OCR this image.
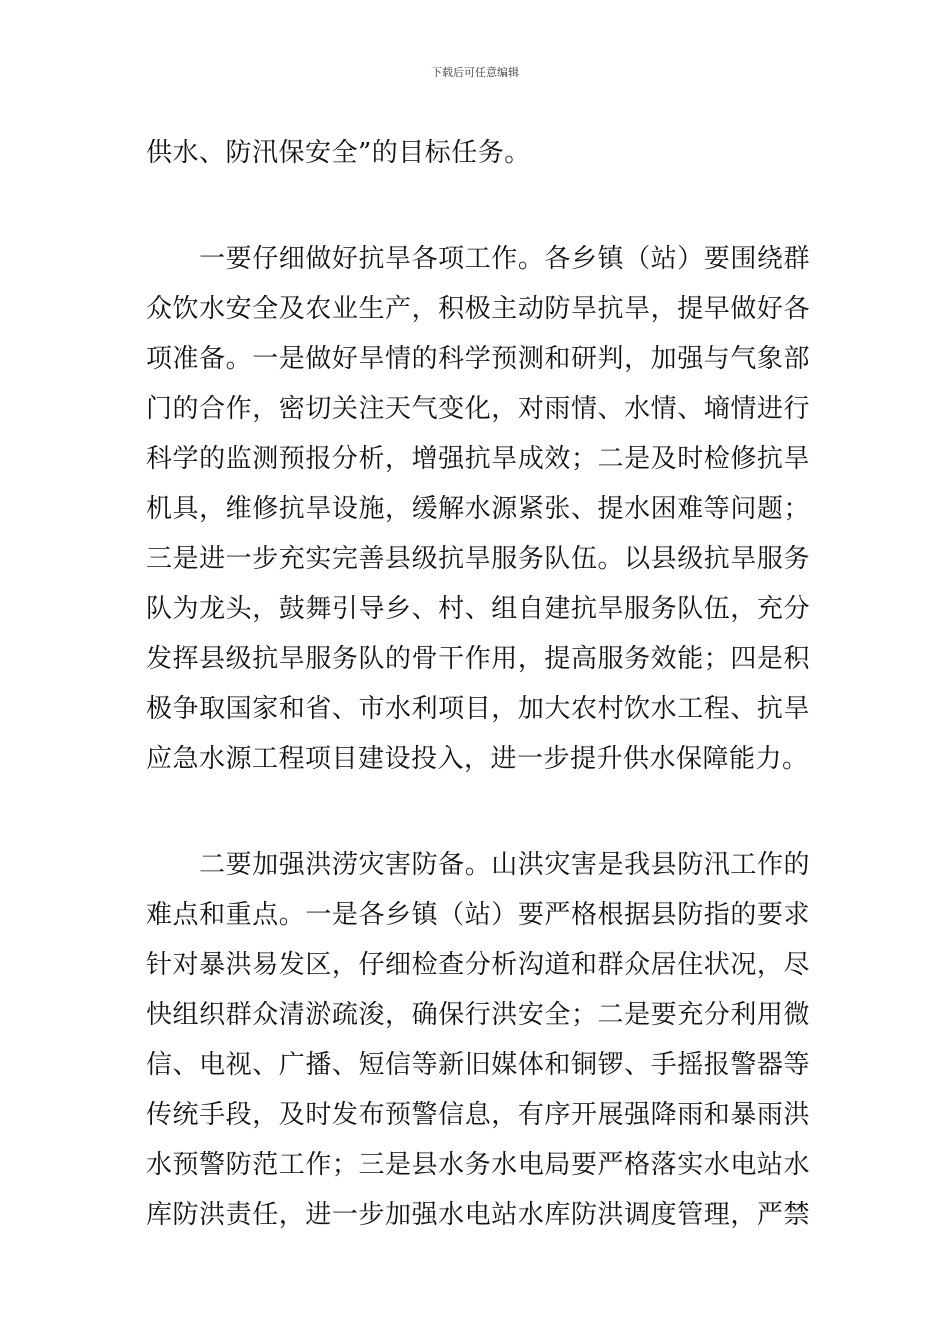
下载后可任意编辑
供水、防汛保安全”的目标任务。
　　一要仔细做好抗旱各项工作。各乡镇（站）要围绕群
众饮水安全及农业生产，积极主动防旱抗旱，提早做好各
项准备。一是做好旱情的科学预测和研判，加强与气象部
门的合作，密切关注天气变化，对雨情、水情、墒情进行
科学的监测预报分析，增强抗旱成效；二是及时检修抗旱
机具，维修抗旱设施，缓解水源紧张、提水困难等问题；
三是进一步充实完善县级抗旱服务队伍。以县级抗旱服务
队为龙头，鼓舞引导乡、村、组自建抗旱服务队伍，充分
发挥县级抗旱服务队的骨干作用，提高服务效能；四是积
极争取国家和省、市水利项目，加大农村饮水工程、抗旱
应急水源工程项目建设投入，进一步提升供水保障能力。
　　二要加强洪涝灾害防备。山洪灾害是我县防汛工作的
难点和重点。一是各乡镇（站）要严格根据县防指的要求
针对暴洪易发区，仔细检查分析沟道和群众居住状况，尽
快组织群众清淤疏浚，确保行洪安全；二是要充分利用微
信、电视、广播、短信等新旧媒体和铜锣、手摇报警器等
传统手段，及时发布预警信息，有序开展强降雨和暴雨洪
水预警防范工作；三是县水务水电局要严格落实水电站水
库防洪责任，进一步加强水电站水库防洪调度管理，严禁
